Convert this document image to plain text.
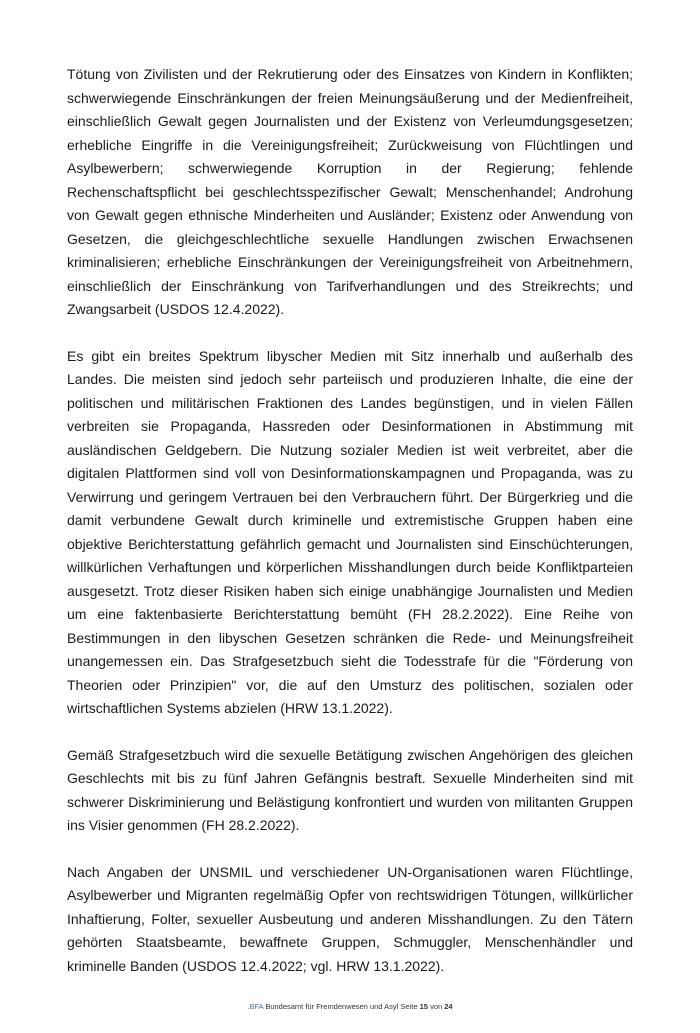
Tötung von Zivilisten und der Rekrutierung oder des Einsatzes von Kindern in Konflikten; schwerwiegende Einschränkungen der freien Meinungsäußerung und der Medienfreiheit, einschließlich Gewalt gegen Journalisten und der Existenz von Verleumdungsgesetzen; erhebliche Eingriffe in die Vereinigungsfreiheit; Zurückweisung von Flüchtlingen und Asylbewerbern; schwerwiegende Korruption in der Regierung; fehlende Rechenschaftspflicht bei geschlechtsspezifischer Gewalt; Menschenhandel; Androhung von Gewalt gegen ethnische Minderheiten und Ausländer; Existenz oder Anwendung von Gesetzen, die gleichgeschlechtliche sexuelle Handlungen zwischen Erwachsenen kriminalisieren; erhebliche Einschränkungen der Vereinigungsfreiheit von Arbeitnehmern, einschließlich der Einschränkung von Tarifverhandlungen und des Streikrechts; und Zwangsarbeit (USDOS 12.4.2022).

Es gibt ein breites Spektrum libyscher Medien mit Sitz innerhalb und außerhalb des Landes. Die meisten sind jedoch sehr parteiisch und produzieren Inhalte, die eine der politischen und militärischen Fraktionen des Landes begünstigen, und in vielen Fällen verbreiten sie Propaganda, Hassreden oder Desinformationen in Abstimmung mit ausländischen Geldgebern. Die Nutzung sozialer Medien ist weit verbreitet, aber die digitalen Plattformen sind voll von Desinformationskampagnen und Propaganda, was zu Verwirrung und geringem Vertrauen bei den Verbrauchern führt. Der Bürgerkrieg und die damit verbundene Gewalt durch kriminelle und extremistische Gruppen haben eine objektive Berichterstattung gefährlich gemacht und Journalisten sind Einschüchterungen, willkürlichen Verhaftungen und körperlichen Misshandlungen durch beide Konfliktparteien ausgesetzt. Trotz dieser Risiken haben sich einige unabhängige Journalisten und Medien um eine faktenbasierte Berichterstattung bemüht (FH 28.2.2022). Eine Reihe von Bestimmungen in den libyschen Gesetzen schränken die Rede- und Meinungsfreiheit unangemessen ein. Das Strafgesetzbuch sieht die Todesstrafe für die "Förderung von Theorien oder Prinzipien" vor, die auf den Umsturz des politischen, sozialen oder wirtschaftlichen Systems abzielen (HRW 13.1.2022).

Gemäß Strafgesetzbuch wird die sexuelle Betätigung zwischen Angehörigen des gleichen Geschlechts mit bis zu fünf Jahren Gefängnis bestraft. Sexuelle Minderheiten sind mit schwerer Diskriminierung und Belästigung konfrontiert und wurden von militanten Gruppen ins Visier genommen (FH 28.2.2022).

Nach Angaben der UNSMIL und verschiedener UN-Organisationen waren Flüchtlinge, Asylbewerber und Migranten regelmäßig Opfer von rechtswidrigen Tötungen, willkürlicher Inhaftierung, Folter, sexueller Ausbeutung und anderen Misshandlungen. Zu den Tätern gehörten Staatsbeamte, bewaffnete Gruppen, Schmuggler, Menschenhändler und kriminelle Banden (USDOS 12.4.2022; vgl. HRW 13.1.2022).

.BFA Bundesamt für Fremdenwesen und Asyl Seite 15 von 24
